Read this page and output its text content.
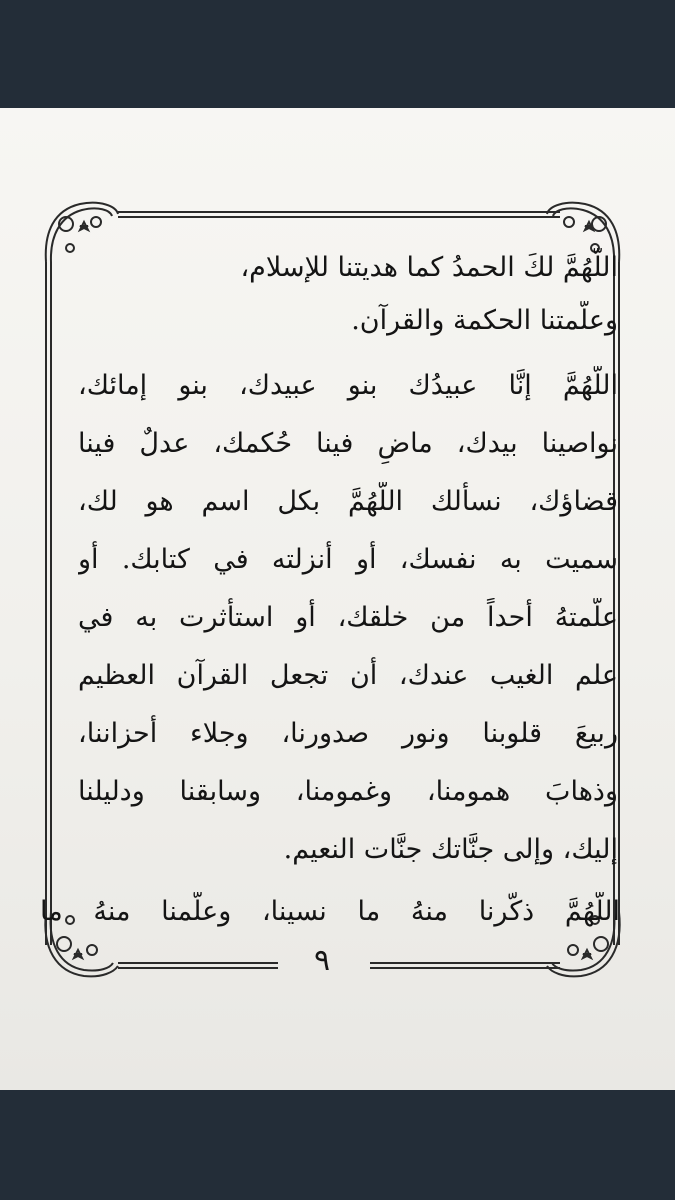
اللَّهُمَّ لكَ الحمدُ كما هديتنا للإسلام،
وعلَّمتنا الحكمة والقرآن.
اللَّهُمَّ إنَّا عبيدُك بنو عبيدك، بنو إمائك،
نواصينا بيدك، ماضٍ فينا حُكمك، عدلٌ فينا
قضاؤك، نسألك اللَّهُمَّ بكل اسم هو لك،
سميت به نفسك، أو أنزلته في كتابك. أو
علَّمتهُ أحداً من خلقك، أو استأثرت به في
علم الغيب عندك، أن تجعل القرآن العظيم
ربيعَ قلوبنا ونور صدورنا، وجلاء أحزاننا،
وذهابَ همومنا، وغمومنا، وسابقنا ودليلنا
إليك، وإلى جنَّاتك جنَّات النعيم.
اللَّهُمَّ ذكّرنا منهُ ما نسينا، وعلّمنا منهُ ما
٩
